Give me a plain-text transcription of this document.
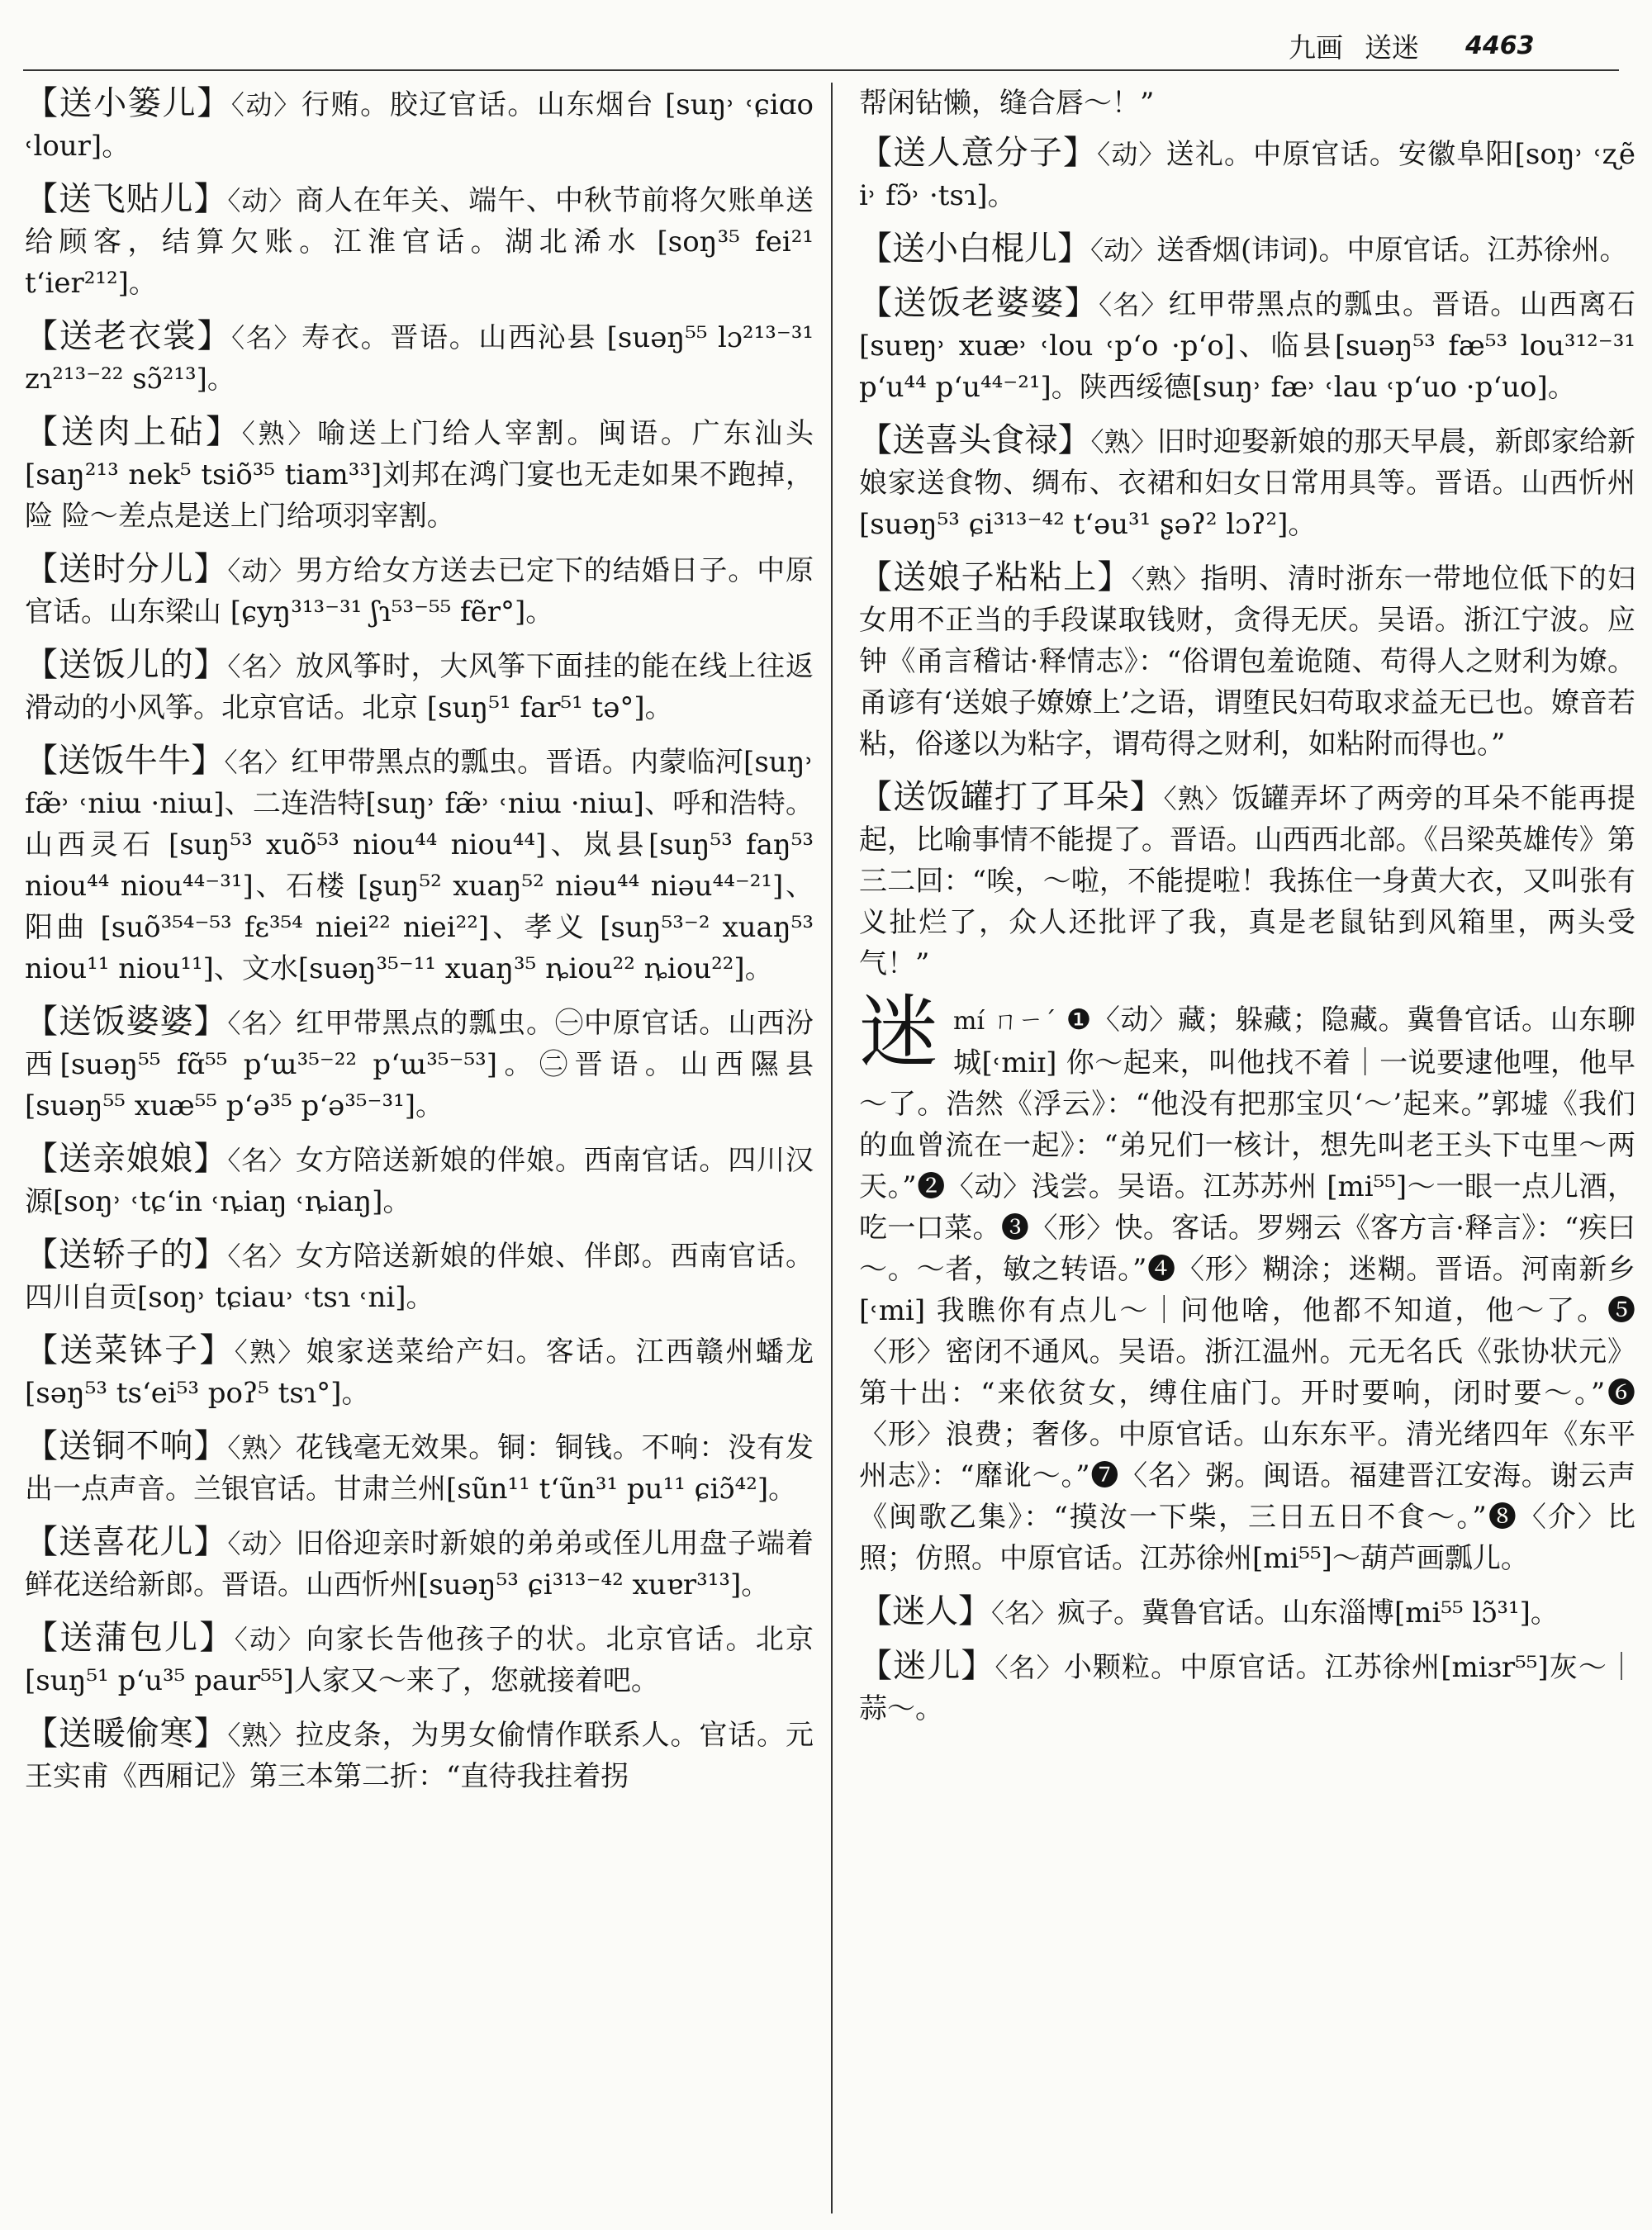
九画 送迷 4463

【送小篓儿】〈动〉行贿。胶辽官话。山东烟台 [suŋ˒ ˓ɕiɑo ˓lour]。

【送飞贴儿】〈动〉商人在年关、端午、中秋节前将欠账单送给顾客，结算欠账。江淮官话。湖北浠水 [soŋ³⁵ fei²¹ tʻier²¹²]。

【送老衣裳】〈名〉寿衣。晋语。山西沁县 [suəŋ⁵⁵ lɔ²¹³⁻³¹ zɿ²¹³⁻²² sɔ̃²¹³]。

【送肉上砧】〈熟〉喻送上门给人宰割。闽语。广东汕头[saŋ²¹³ nek⁵ tsiõ³⁵ tiam³³]刘邦在鸿门宴也无走如果不跑掉，险 险～差点是送上门给项羽宰割。

【送时分儿】〈动〉男方给女方送去已定下的结婚日子。中原官话。山东梁山 [ɕyŋ³¹³⁻³¹ ʃɿ⁵³⁻⁵⁵ fẽr°]。

【送饭儿的】〈名〉放风筝时，大风筝下面挂的能在线上往返滑动的小风筝。北京官话。北京 [suŋ⁵¹ far⁵¹ tə°]。

【送饭牛牛】〈名〉红甲带黑点的瓢虫。晋语。内蒙临河[suŋ˒ fæ̃˒ ˓niɯ ·niɯ]、二连浩特[suŋ˒ fæ̃˒ ˓niɯ ·niɯ]、呼和浩特。山西灵石 [suŋ⁵³ xuõ⁵³ niou⁴⁴ niou⁴⁴]、岚县[suŋ⁵³ faŋ⁵³ niou⁴⁴ niou⁴⁴⁻³¹]、石楼 [ʂuŋ⁵² xuaŋ⁵² niəu⁴⁴ niəu⁴⁴⁻²¹]、阳曲 [suõ³⁵⁴⁻⁵³ fɛ³⁵⁴ niei²² niei²²]、孝义 [suŋ⁵³⁻² xuaŋ⁵³ niou¹¹ niou¹¹]、文水[suəŋ³⁵⁻¹¹ xuaŋ³⁵ ȵiou²² ȵiou²²]。

【送饭婆婆】〈名〉红甲带黑点的瓢虫。㊀中原官话。山西汾西[suəŋ⁵⁵ fɑ̃⁵⁵ pʻɯ³⁵⁻²² pʻɯ³⁵⁻⁵³]。㊁晋语。山西隰县 [suəŋ⁵⁵ xuæ⁵⁵ pʻə³⁵ pʻə³⁵⁻³¹]。

【送亲娘娘】〈名〉女方陪送新娘的伴娘。西南官话。四川汉源[soŋ˒ ˓tɕʻin ˓ȵiaŋ ˓ȵiaŋ]。

【送轿子的】〈名〉女方陪送新娘的伴娘、伴郎。西南官话。四川自贡[soŋ˒ tɕiau˒ ˓tsɿ ˓ni]。

【送菜钵子】〈熟〉娘家送菜给产妇。客话。江西赣州蟠龙[səŋ⁵³ tsʻei⁵³ poʔ⁵ tsɿ°]。

【送铜不响】〈熟〉花钱毫无效果。铜：铜钱。不响：没有发出一点声音。兰银官话。甘肃兰州[sũn¹¹ tʻũn³¹ pu¹¹ ɕiɔ̃⁴²]。

【送喜花儿】〈动〉旧俗迎亲时新娘的弟弟或侄儿用盘子端着鲜花送给新郎。晋语。山西忻州[suəŋ⁵³ ɕi³¹³⁻⁴² xuɐr³¹³]。

【送蒲包儿】〈动〉向家长告他孩子的状。北京官话。北京[suŋ⁵¹ pʻu³⁵ paur⁵⁵]人家又～来了，您就接着吧。

【送暖偷寒】〈熟〉拉皮条，为男女偷情作联系人。官话。元王实甫《西厢记》第三本第二折：“直待我拄着拐

帮闲钻懒，缝合唇～！”

【送人意分子】〈动〉送礼。中原官话。安徽阜阳[soŋ˒ ˓ʐẽ i˒ fɔ̃˒ ·tsɿ]。

【送小白棍儿】〈动〉送香烟(讳词)。中原官话。江苏徐州。

【送饭老婆婆】〈名〉红甲带黑点的瓢虫。晋语。山西离石[suɐŋ˒ xuæ˒ ˓lou ˓pʻo ·pʻo]、临县[suəŋ⁵³ fæ⁵³ lou³¹²⁻³¹ pʻu⁴⁴ pʻu⁴⁴⁻²¹]。陕西绥德[suŋ˒ fæ˒ ˓lau ˓pʻuo ·pʻuo]。

【送喜头食禄】〈熟〉旧时迎娶新娘的那天早晨，新郎家给新娘家送食物、绸布、衣裙和妇女日常用具等。晋语。山西忻州[suəŋ⁵³ ɕi³¹³⁻⁴² tʻəu³¹ ʂəʔ² lɔʔ²]。

【送娘子粘粘上】〈熟〉指明、清时浙东一带地位低下的妇女用不正当的手段谋取钱财，贪得无厌。吴语。浙江宁波。应钟《甬言稽诂·释情志》：“俗谓包羞诡随、苟得人之财利为嫽。甬谚有‘送娘子嫽嫽上’之语，谓堕民妇苟取求益无已也。嫽音若粘，俗遂以为粘字，谓苟得之财利，如粘附而得也。”

【送饭罐打了耳朵】〈熟〉饭罐弄坏了两旁的耳朵不能再提起，比喻事情不能提了。晋语。山西西北部。《吕梁英雄传》第三二回：“唉，～啦，不能提啦！我拣住一身黄大衣，又叫张有义扯烂了，众人还批评了我，真是老鼠钻到风箱里，两头受气！”

迷 mí ㄇㄧˊ ❶〈动〉藏；躲藏；隐藏。冀鲁官话。山东聊城[˓miɪ] 你～起来，叫他找不着｜一说要逮他哩，他早～了。浩然《浮云》：“他没有把那宝贝‘～’起来。”郭墟《我们的血曾流在一起》：“弟兄们一核计，想先叫老王头下屯里～两天。”❷〈动〉浅尝。吴语。江苏苏州 [mi⁵⁵]～一眼一点儿酒，吃一口菜。❸〈形〉快。客话。罗翙云《客方言·释言》：“疾曰～。～者，敏之转语。”❹〈形〉糊涂；迷糊。晋语。河南新乡 [˓mi] 我瞧你有点儿～｜问他啥，他都不知道，他～了。❺〈形〉密闭不通风。吴语。浙江温州。元无名氏《张协状元》第十出：“来依贫女，缚住庙门。开时要响，闭时要～。”❻〈形〉浪费；奢侈。中原官话。山东东平。清光绪四年《东平州志》：“靡讹～。”❼〈名〉粥。闽语。福建晋江安海。谢云声《闽歌乙集》：“摸汝一下柴，三日五日不食～。”❽〈介〉比照；仿照。中原官话。江苏徐州[mi⁵⁵]～葫芦画瓢儿。

【迷人】〈名〉疯子。冀鲁官话。山东淄博[mi⁵⁵ lɔ̃³¹]。

【迷儿】〈名〉小颗粒。中原官话。江苏徐州[miɜr⁵⁵]灰～｜蒜～。
